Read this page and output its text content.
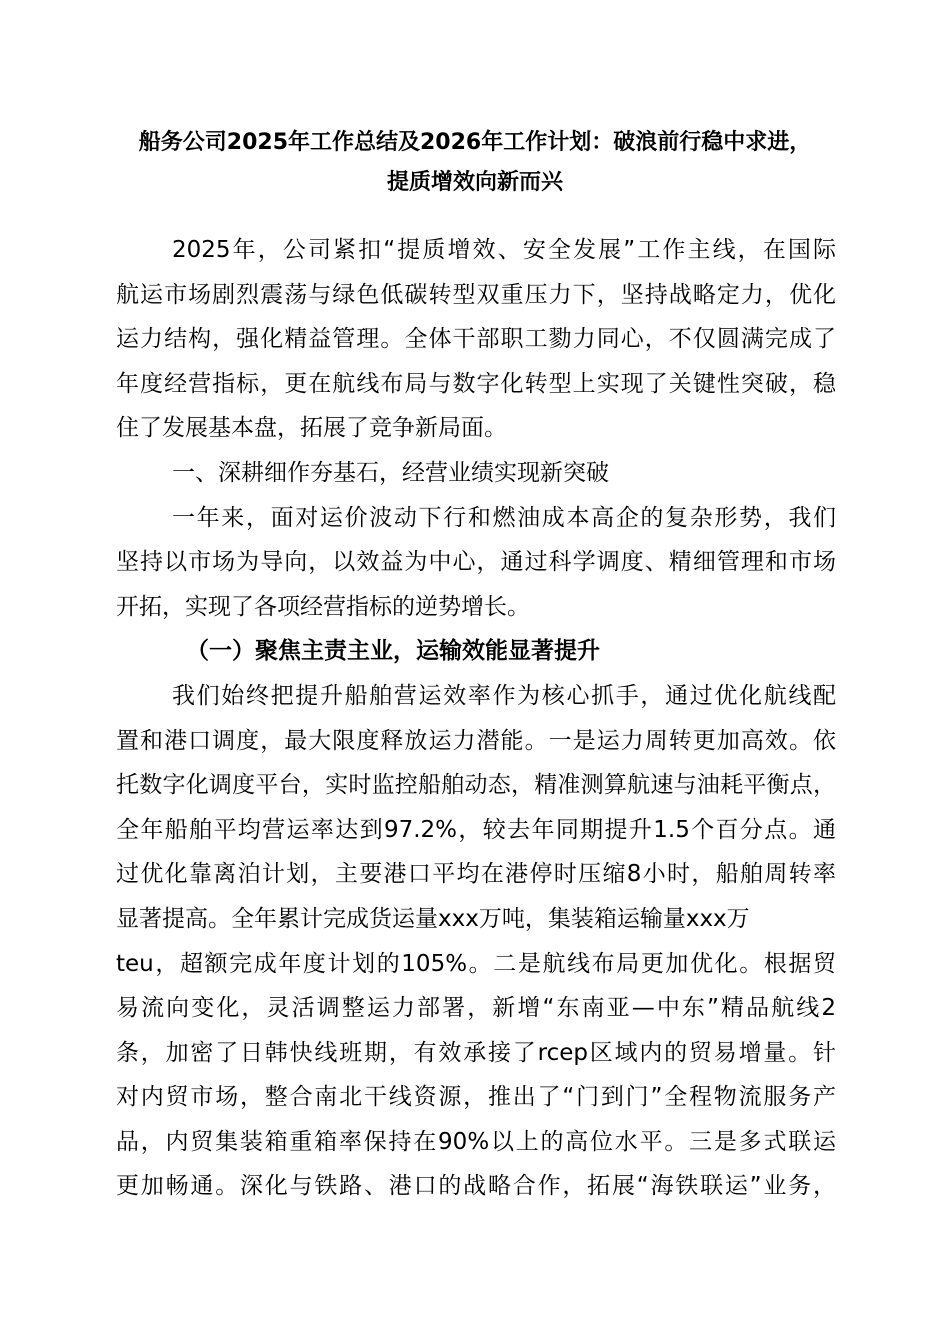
船务公司2025年工作总结及2026年工作计划：破浪前行稳中求进，
提质增效向新而兴
2025年，公司紧扣“提质增效、安全发展”工作主线，在国际
航运市场剧烈震荡与绿色低碳转型双重压力下，坚持战略定力，优化
运力结构，强化精益管理。全体干部职工勠力同心，不仅圆满完成了
年度经营指标，更在航线布局与数字化转型上实现了关键性突破，稳
住了发展基本盘，拓展了竞争新局面。
一、深耕细作夯基石，经营业绩实现新突破
一年来，面对运价波动下行和燃油成本高企的复杂形势，我们
坚持以市场为导向，以效益为中心，通过科学调度、精细管理和市场
开拓，实现了各项经营指标的逆势增长。
（一）聚焦主责主业，运输效能显著提升
我们始终把提升船舶营运效率作为核心抓手，通过优化航线配
置和港口调度，最大限度释放运力潜能。一是运力周转更加高效。依
托数字化调度平台，实时监控船舶动态，精准测算航速与油耗平衡点，
全年船舶平均营运率达到97.2%，较去年同期提升1.5个百分点。通
过优化靠离泊计划，主要港口平均在港停时压缩8小时，船舶周转率
显著提高。全年累计完成货运量xxx万吨，集装箱运输量xxx万
teu，超额完成年度计划的105%。二是航线布局更加优化。根据贸
易流向变化，灵活调整运力部署，新增“东南亚—中东”精品航线2
条，加密了日韩快线班期，有效承接了rcep区域内的贸易增量。针
对内贸市场，整合南北干线资源，推出了“门到门”全程物流服务产
品，内贸集装箱重箱率保持在90%以上的高位水平。三是多式联运
更加畅通。深化与铁路、港口的战略合作，拓展“海铁联运”业务，
